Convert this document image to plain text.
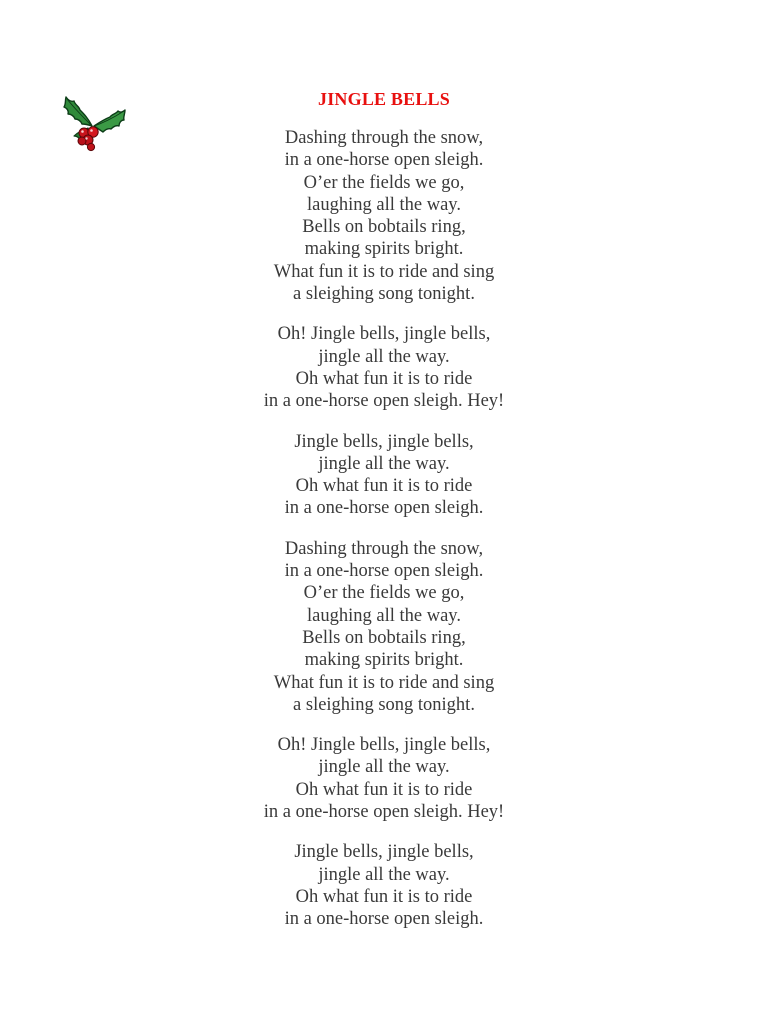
JINGLE BELLS
Dashing through the snow,
in a one-horse open sleigh.
O’er the fields we go,
laughing all the way.
Bells on bobtails ring,
making spirits bright.
What fun it is to ride and sing
a sleighing song tonight.
Oh! Jingle bells, jingle bells,
jingle all the way.
Oh what fun it is to ride
in a one-horse open sleigh. Hey!
Jingle bells, jingle bells,
jingle all the way.
Oh what fun it is to ride
in a one-horse open sleigh.
Dashing through the snow,
in a one-horse open sleigh.
O’er the fields we go,
laughing all the way.
Bells on bobtails ring,
making spirits bright.
What fun it is to ride and sing
a sleighing song tonight.
Oh! Jingle bells, jingle bells,
jingle all the way.
Oh what fun it is to ride
in a one-horse open sleigh. Hey!
Jingle bells, jingle bells,
jingle all the way.
Oh what fun it is to ride
in a one-horse open sleigh.
